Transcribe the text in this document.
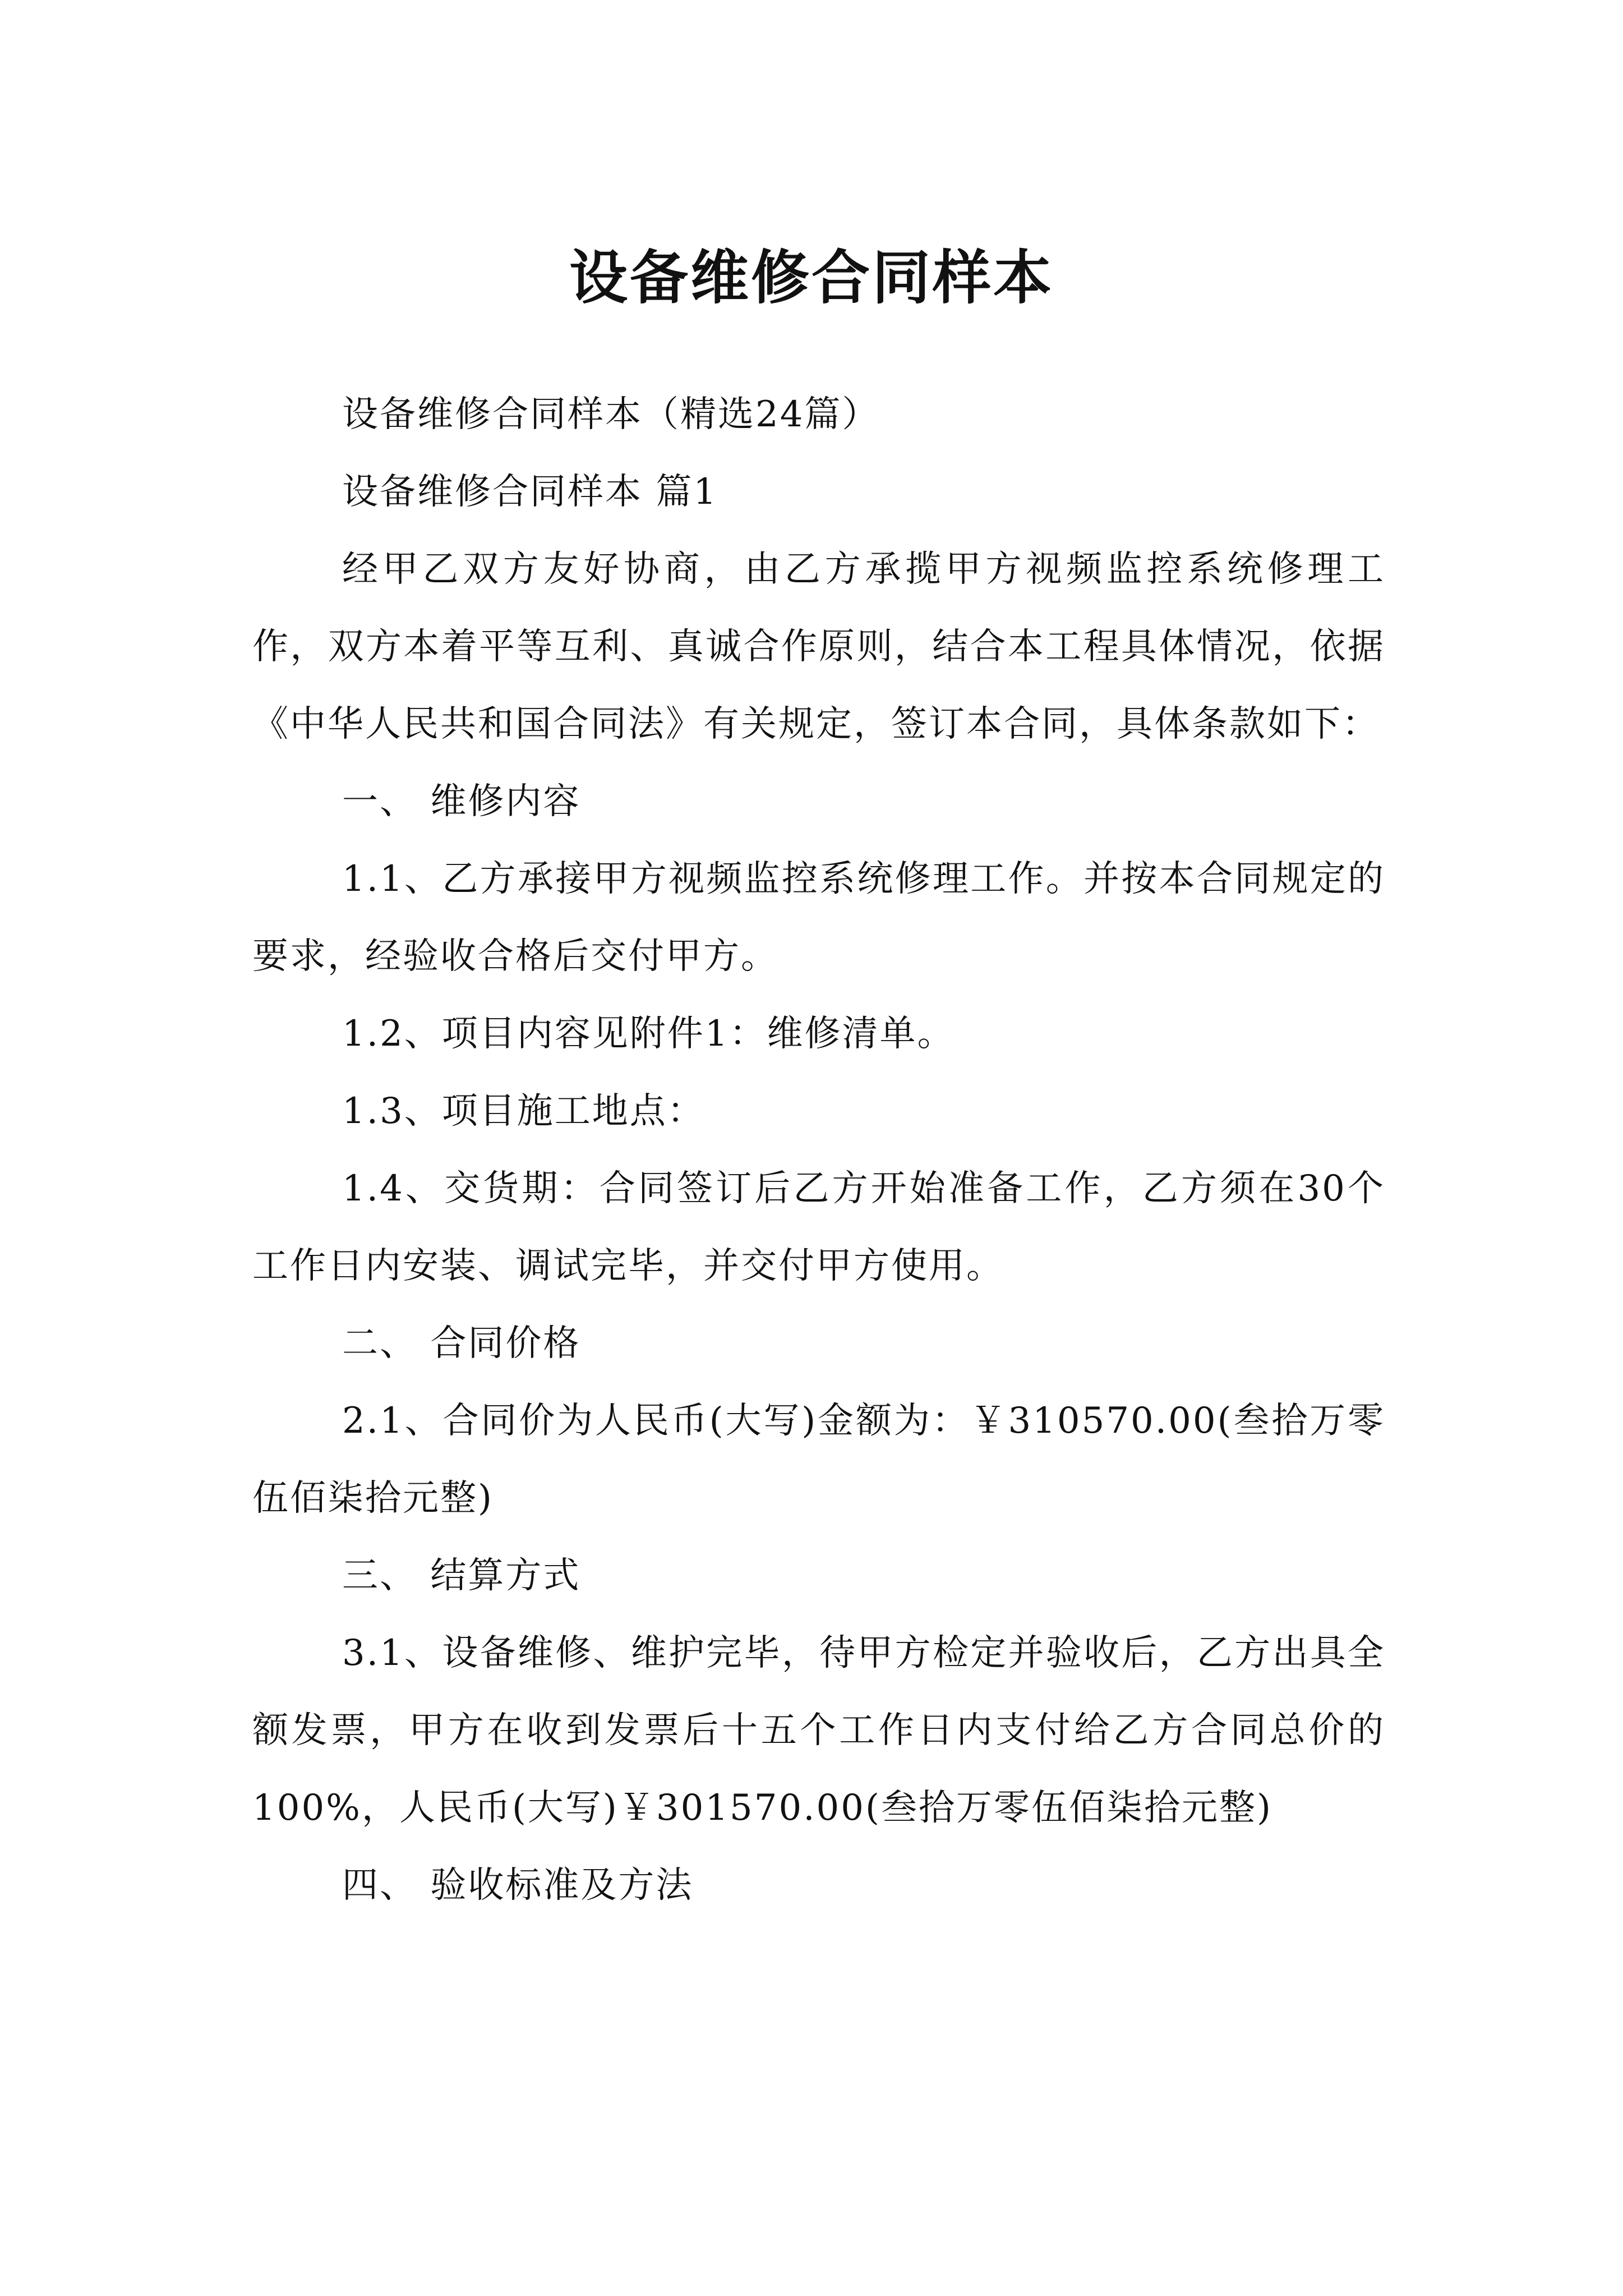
设备维修合同样本

设备维修合同样本（精选24篇）

设备维修合同样本 篇1

经甲乙双方友好协商，由乙方承揽甲方视频监控系统修理工作，双方本着平等互利、真诚合作原则，结合本工程具体情况，依据《中华人民共和国合同法》有关规定，签订本合同，具体条款如下：

一、 维修内容

1.1、乙方承接甲方视频监控系统修理工作。并按本合同规定的要求，经验收合格后交付甲方。

1.2、项目内容见附件1：维修清单。

1.3、项目施工地点：

1.4、交货期：合同签订后乙方开始准备工作，乙方须在30个工作日内安装、调试完毕，并交付甲方使用。

二、 合同价格

2.1、合同价为人民币(大写)金额为：￥310570.00(叁拾万零伍佰柒拾元整)

三、 结算方式

3.1、设备维修、维护完毕，待甲方检定并验收后，乙方出具全额发票，甲方在收到发票后十五个工作日内支付给乙方合同总价的100%，人民币(大写)￥301570.00(叁拾万零伍佰柒拾元整)

四、 验收标准及方法
